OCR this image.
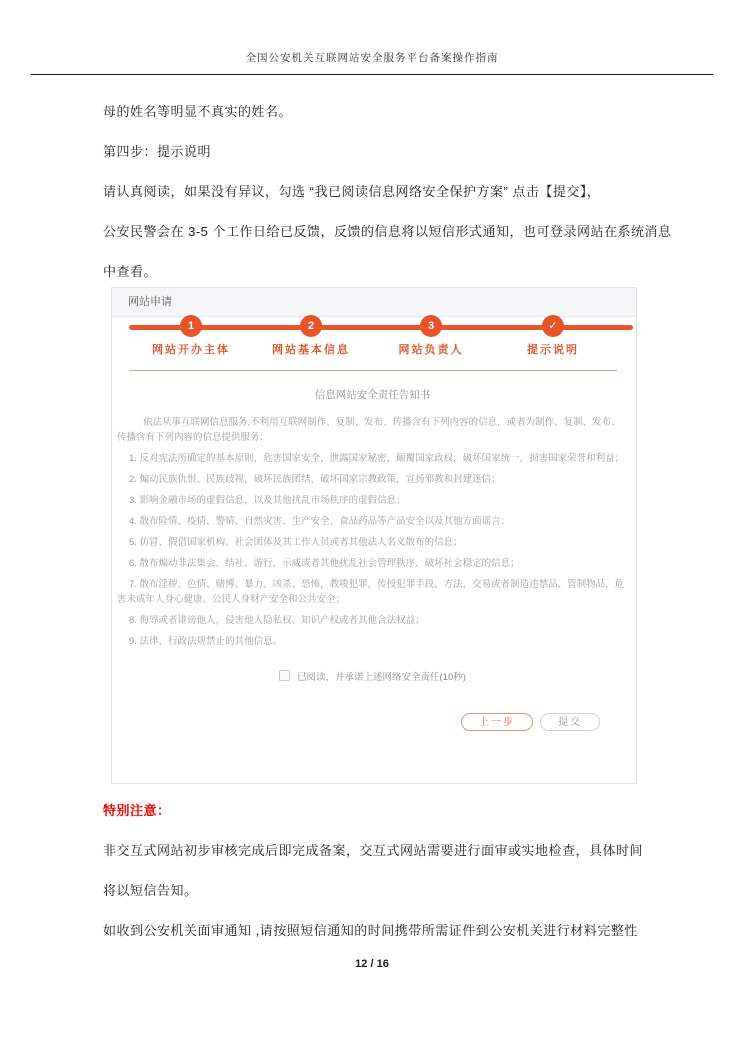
全国公安机关互联网站安全服务平台备案操作指南
母的姓名等明显不真实的姓名。
第四步：提示说明
请认真阅读，如果没有异议，勾选 “我已阅读信息网络安全保护方案” 点击【提交】，
公安民警会在 3-5 个工作日给已反馈，反馈的信息将以短信形式通知，也可登录网站在系统消息
中查看。
网站申请
1
网站开办主体
2
网站基本信息
3
网站负责人
✓
提示说明
信息网站安全责任告知书

依法从事互联网信息服务,不利用互联网制作、复制、发布、传播含有下列内容的信息，或者为制作、复制、发布、传播含有下列内容的信息提供服务：

1. 反对宪法所确定的基本原则，危害国家安全，泄露国家秘密，颠覆国家政权，破坏国家统一，损害国家荣誉和利益；

2. 煽动民族仇恨、民族歧视，破坏民族团结，破坏国家宗教政策，宣扬邪教和封建迷信；

3. 影响金融市场的虚假信息，以及其他扰乱市场秩序的虚假信息；

4. 散布险情、疫情、警情、自然灾害、生产安全、食品药品等产品安全以及其他方面谣言；

5. 仿冒、假借国家机构、社会团体及其工作人员或者其他法人名义散布的信息；

6. 散布煽动非法集会、结社、游行、示威或者其他扰乱社会管理秩序、破坏社会稳定的信息；

7. 散布淫秽、色情、赌博、暴力、凶杀、恐怖，教唆犯罪，传授犯罪手段、方法，交易或者制造违禁品、管制物品，危害未成年人身心健康、公民人身财产安全和公共安全；

8. 侮辱或者诽谤他人，侵害他人隐私权、知识产权或者其他合法权益；

9. 法律、行政法规禁止的其他信息。

已阅读，并承诺上述网络安全责任(10秒)
上一步	提交
特别注意：
非交互式网站初步审核完成后即完成备案，交互式网站需要进行面审或实地检查，具体时间
将以短信告知。
如收到公安机关面审通知 ,请按照短信通知的时间携带所需证件到公安机关进行材料完整性
12 / 16
